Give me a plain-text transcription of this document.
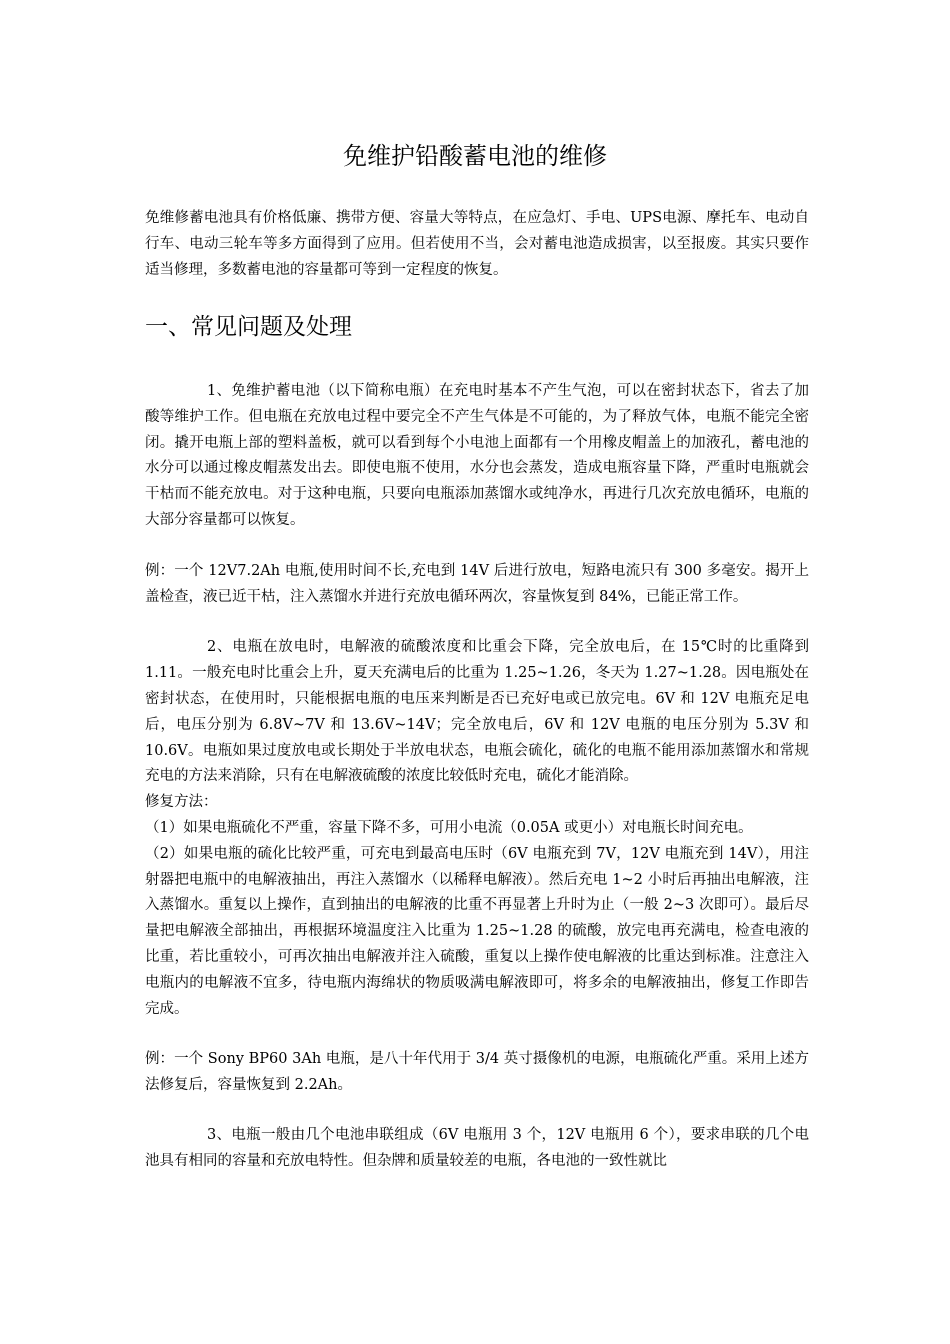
免维护铅酸蓄电池的维修
免维修蓄电池具有价格低廉、携带方便、容量大等特点，在应急灯、手电、UPS电源、摩托车、电动自行车、电动三轮车等多方面得到了应用。但若使用不当，会对蓄电池造成损害，以至报废。其实只要作适当修理，多数蓄电池的容量都可等到一定程度的恢复。
一、常见问题及处理

1、免维护蓄电池（以下简称电瓶）在充电时基本不产生气泡，可以在密封状态下，省去了加酸等维护工作。但电瓶在充放电过程中要完全不产生气体是不可能的，为了释放气体，电瓶不能完全密闭。撬开电瓶上部的塑料盖板，就可以看到每个小电池上面都有一个用橡皮帽盖上的加液孔，蓄电池的水分可以通过橡皮帽蒸发出去。即使电瓶不使用，水分也会蒸发，造成电瓶容量下降，严重时电瓶就会干枯而不能充放电。对于这种电瓶，只要向电瓶添加蒸馏水或纯净水，再进行几次充放电循环，电瓶的大部分容量都可以恢复。

例：一个 12V7.2Ah 电瓶,使用时间不长,充电到 14V 后进行放电，短路电流只有 300 多毫安。揭开上盖检查，液已近干枯，注入蒸馏水并进行充放电循环两次，容量恢复到 84%，已能正常工作。

2、电瓶在放电时，电解液的硫酸浓度和比重会下降，完全放电后，在 15℃时的比重降到 1.11。一般充电时比重会上升，夏天充满电后的比重为 1.25~1.26，冬天为 1.27~1.28。因电瓶处在密封状态，在使用时，只能根据电瓶的电压来判断是否已充好电或已放完电。6V 和 12V 电瓶充足电后，电压分别为 6.8V~7V 和 13.6V~14V；完全放电后，6V 和 12V 电瓶的电压分别为 5.3V 和 10.6V。电瓶如果过度放电或长期处于半放电状态，电瓶会硫化，硫化的电瓶不能用添加蒸馏水和常规充电的方法来消除，只有在电解液硫酸的浓度比较低时充电，硫化才能消除。

修复方法：

（1）如果电瓶硫化不严重，容量下降不多，可用小电流（0.05A 或更小）对电瓶长时间充电。

（2）如果电瓶的硫化比较严重，可充电到最高电压时（6V 电瓶充到 7V，12V 电瓶充到 14V），用注射器把电瓶中的电解液抽出，再注入蒸馏水（以稀释电解液）。然后充电 1~2 小时后再抽出电解液，注入蒸馏水。重复以上操作，直到抽出的电解液的比重不再显著上升时为止（一般 2~3 次即可）。最后尽量把电解液全部抽出，再根据环境温度注入比重为 1.25~1.28 的硫酸，放完电再充满电，检查电液的比重，若比重较小，可再次抽出电解液并注入硫酸，重复以上操作使电解液的比重达到标准。注意注入电瓶内的电解液不宜多，待电瓶内海绵状的物质吸满电解液即可，将多余的电解液抽出，修复工作即告完成。

例：一个 Sony BP60 3Ah 电瓶，是八十年代用于 3/4 英寸摄像机的电源，电瓶硫化严重。采用上述方法修复后，容量恢复到 2.2Ah。

3、电瓶一般由几个电池串联组成（6V 电瓶用 3 个，12V 电瓶用 6 个），要求串联的几个电池具有相同的容量和充放电特性。但杂牌和质量较差的电瓶，各电池的一致性就比
